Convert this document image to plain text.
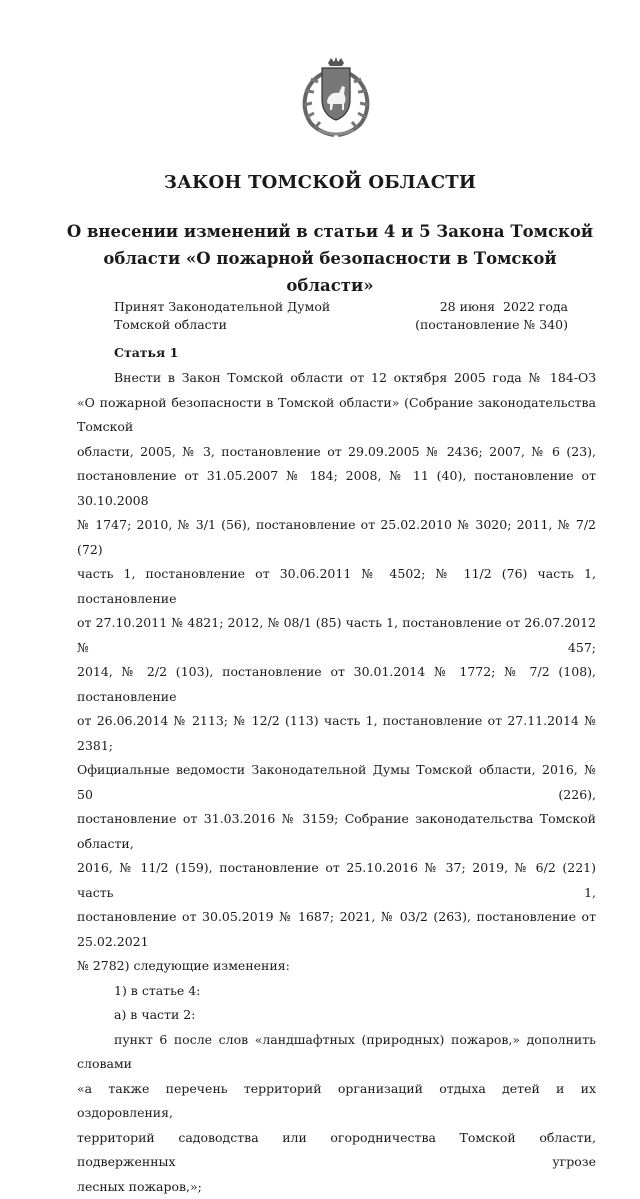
ЗАКОН ТОМСКОЙ ОБЛАСТИ
О внесении изменений в статьи 4 и 5 Закона Томской
области «О пожарной безопасности в Томской области»
Принят Законодательной Думой
Томской области
28 июня  2022 года
(постановление № 340)
Статья 1

Внести в Закон Томской области от 12 октября 2005 года № 184-ОЗ

«О пожарной безопасности в Томской области» (Собрание законодательства Томской

области, 2005, № 3, постановление от 29.09.2005 № 2436; 2007, № 6 (23),

постановление от 31.05.2007 № 184; 2008, № 11 (40), постановление от 30.10.2008

№ 1747; 2010, № 3/1 (56), постановление от 25.02.2010 № 3020; 2011, № 7/2 (72)

часть 1, постановление от 30.06.2011 № 4502; № 11/2 (76) часть 1, постановление

от 27.10.2011 № 4821; 2012, № 08/1 (85) часть 1, постановление от 26.07.2012 № 457;

2014, № 2/2 (103), постановление от 30.01.2014 № 1772; № 7/2 (108), постановление

от 26.06.2014 № 2113; № 12/2 (113) часть 1, постановление от 27.11.2014 № 2381;

Официальные ведомости Законодательной Думы Томской области, 2016, № 50 (226),

постановление от 31.03.2016 № 3159; Собрание законодательства Томской области,

2016, № 11/2 (159), постановление от 25.10.2016 № 37; 2019, № 6/2 (221) часть 1,

постановление от 30.05.2019 № 1687; 2021, № 03/2 (263), постановление от 25.02.2021

№ 2782) следующие изменения:

1) в статье 4:

а) в части 2:

пункт 6 после слов «ландшафтных (природных) пожаров,» дополнить словами

«а также перечень территорий организаций отдыха детей и их оздоровления,

территорий садоводства или огородничества Томской области, подверженных угрозе

лесных пожаров,»;
